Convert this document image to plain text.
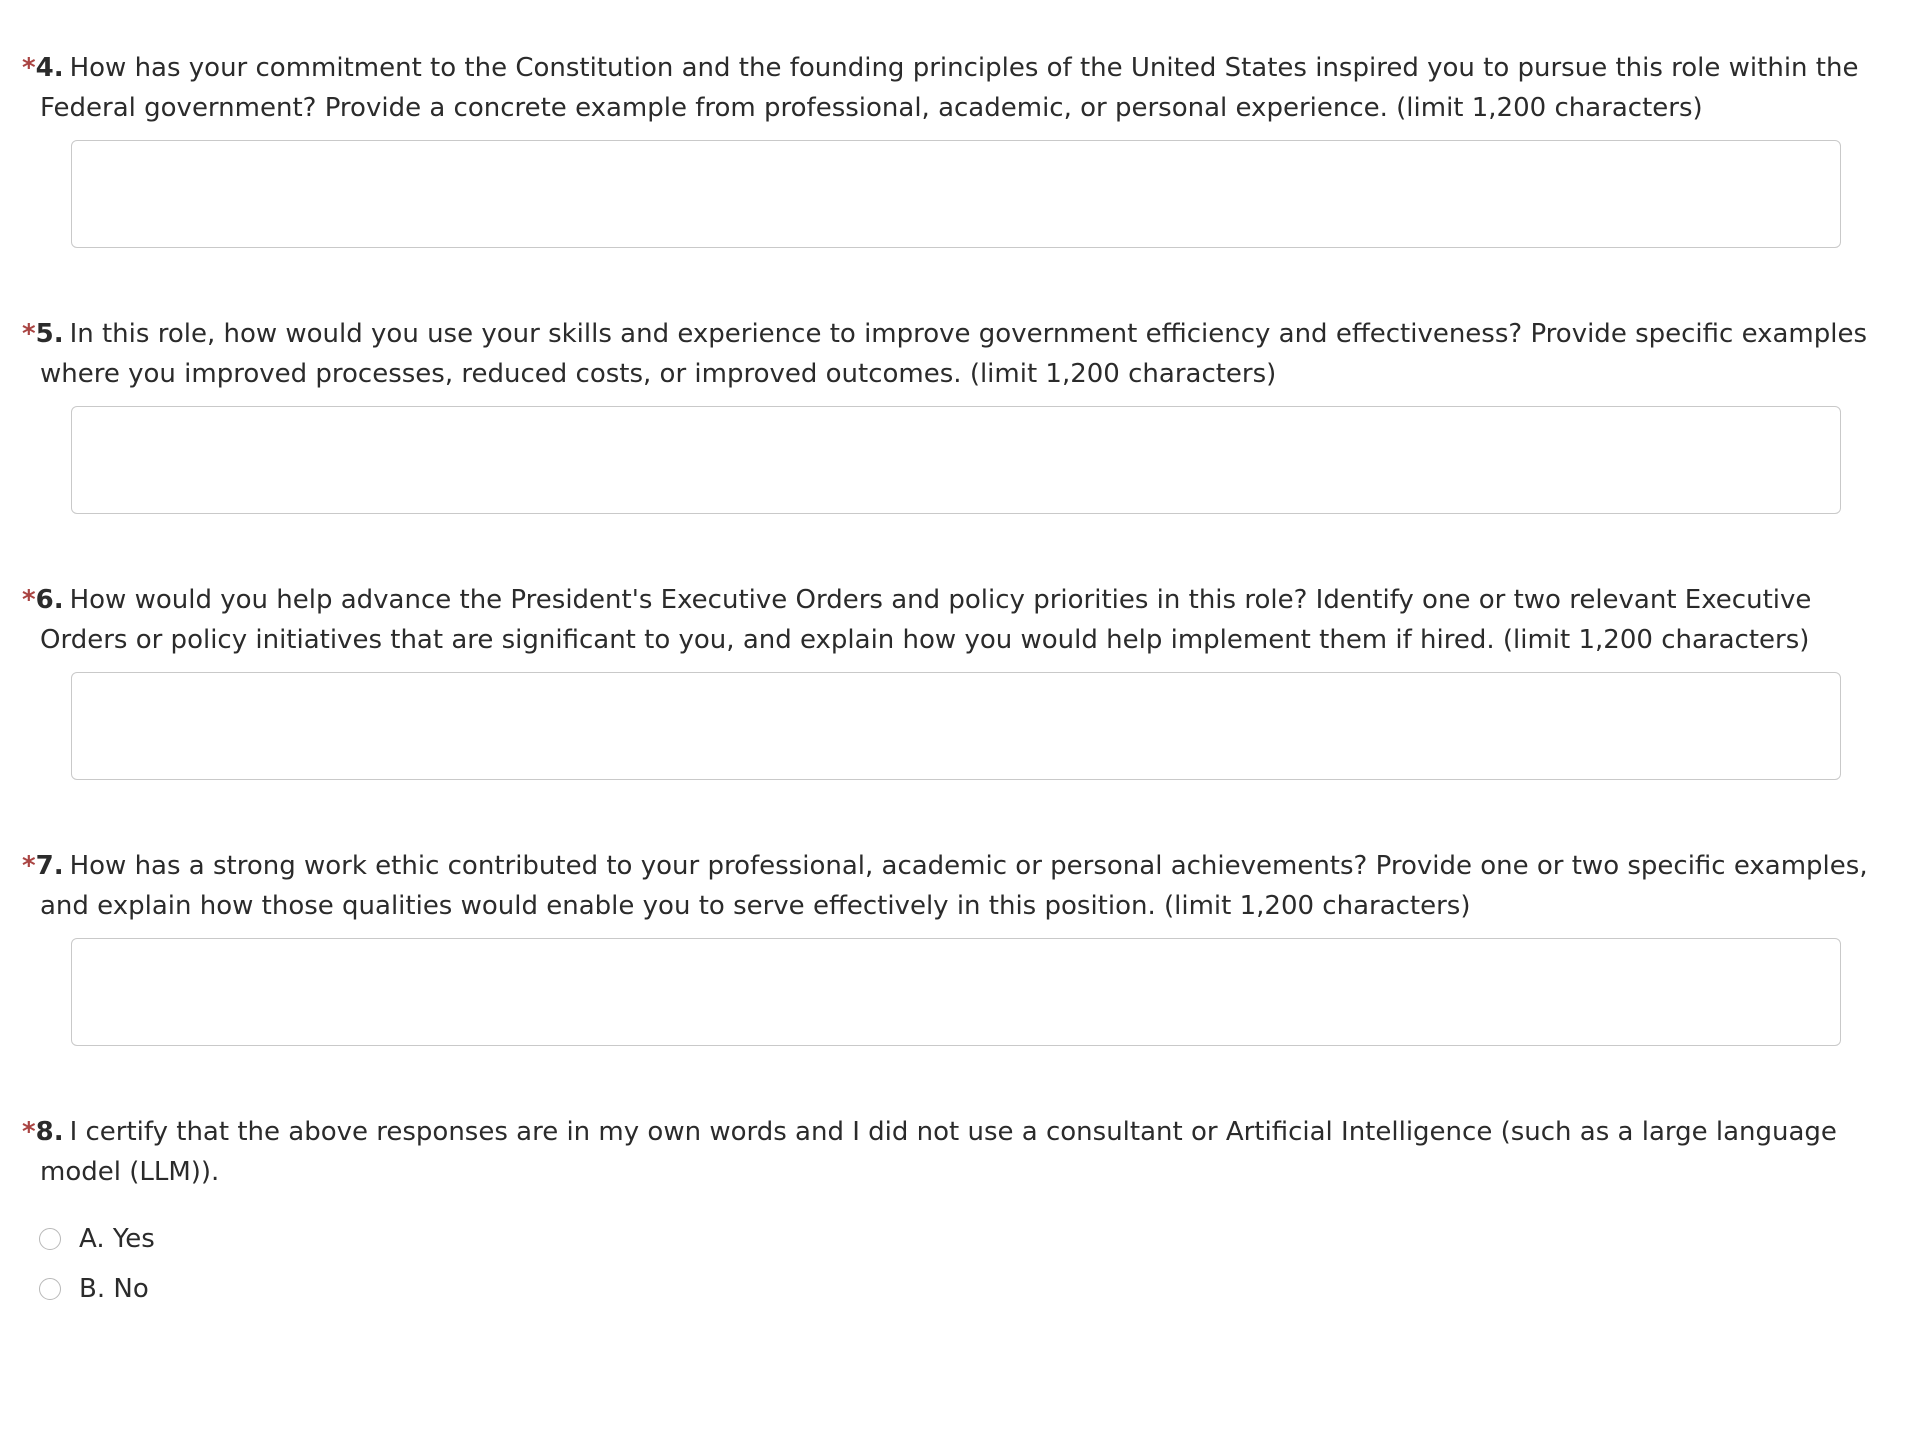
*4. How has your commitment to the Constitution and the founding principles of the United States inspired you to pursue this role within the Federal government? Provide a concrete example from professional, academic, or personal experience. (limit 1,200 characters)

*5. In this role, how would you use your skills and experience to improve government efficiency and effectiveness? Provide specific examples where you improved processes, reduced costs, or improved outcomes. (limit 1,200 characters)

*6. How would you help advance the President's Executive Orders and policy priorities in this role? Identify one or two relevant Executive Orders or policy initiatives that are significant to you, and explain how you would help implement them if hired. (limit 1,200 characters)

*7. How has a strong work ethic contributed to your professional, academic or personal achievements? Provide one or two specific examples, and explain how those qualities would enable you to serve effectively in this position. (limit 1,200 characters)

*8. I certify that the above responses are in my own words and I did not use a consultant or Artificial Intelligence (such as a large language model (LLM)).

A. Yes
B. No
